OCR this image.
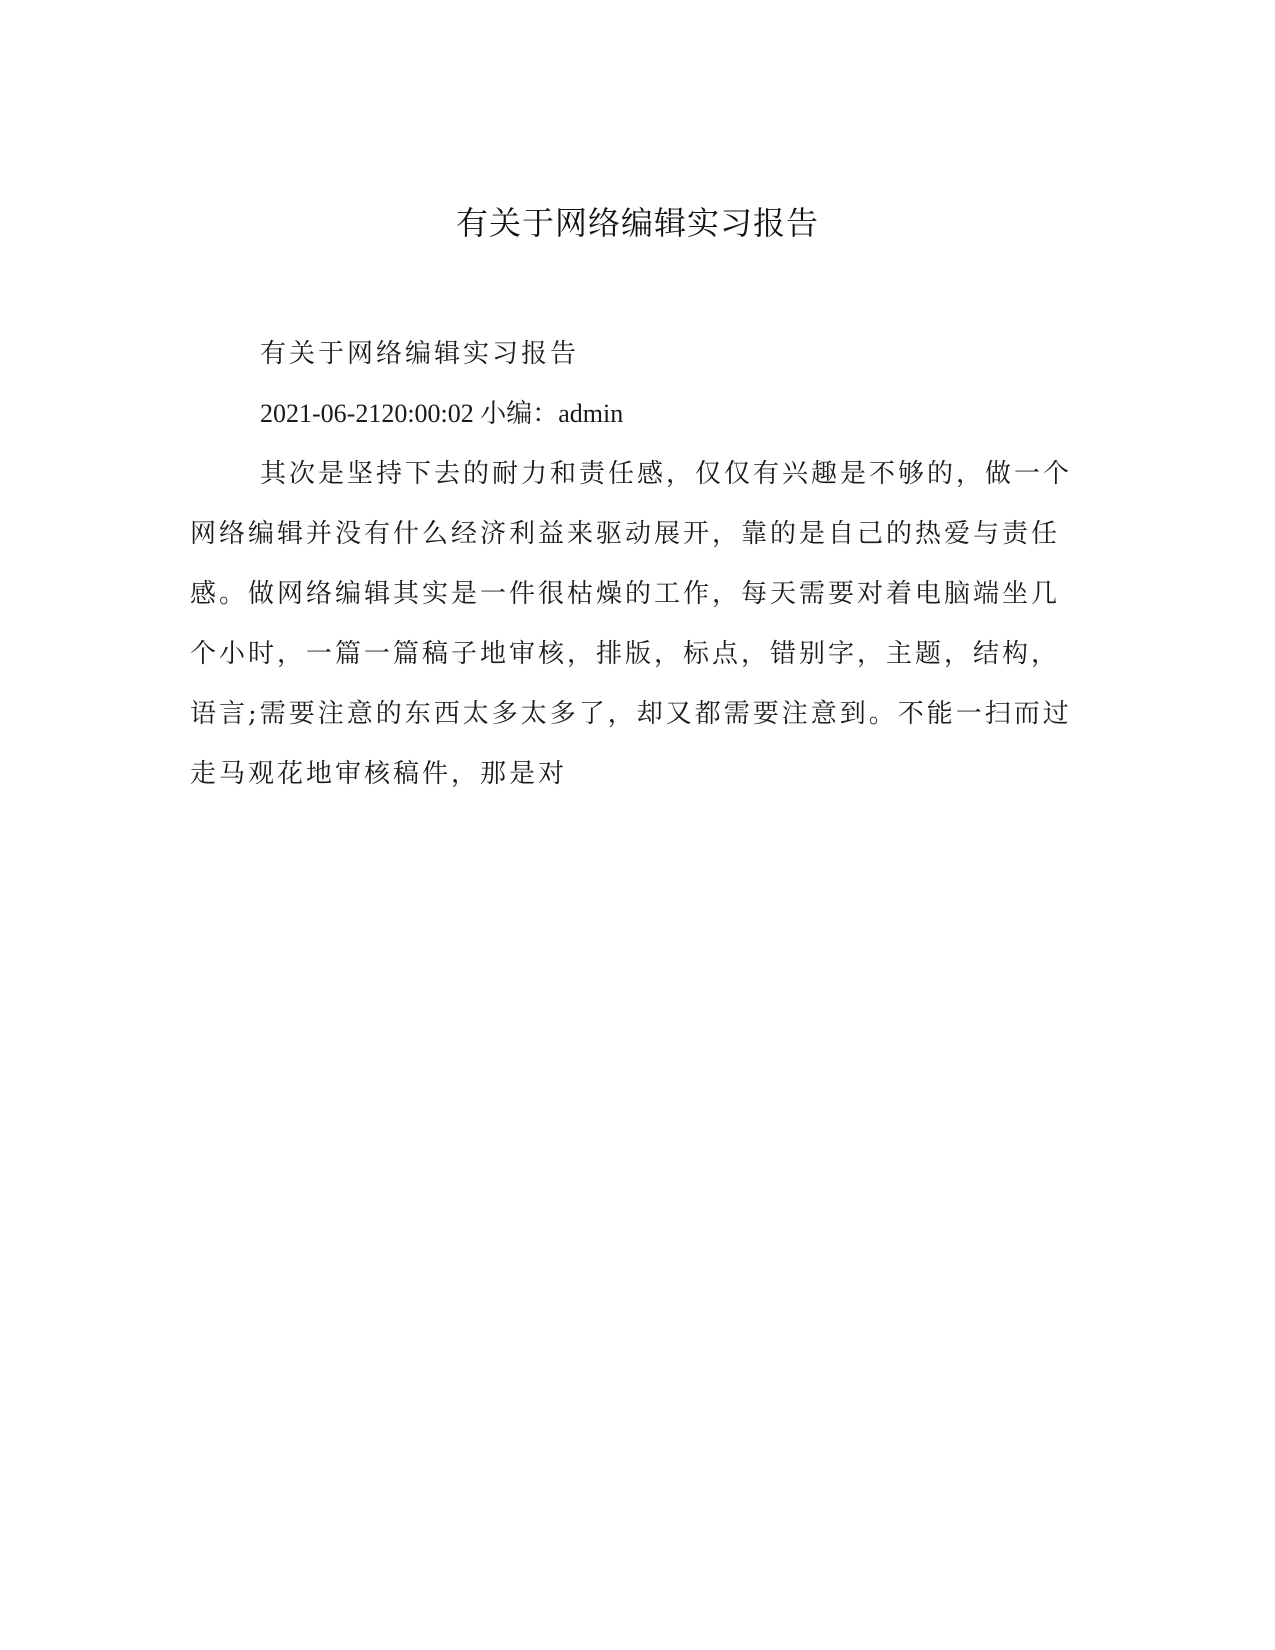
有关于网络编辑实习报告

有关于网络编辑实习报告

2021-06-2120:00:02 小编：admin

其次是坚持下去的耐力和责任感，仅仅有兴趣是不够的，做一个

网络编辑并没有什么经济利益来驱动展开，靠的是自己的热爱与责任

感。做网络编辑其实是一件很枯燥的工作，每天需要对着电脑端坐几

个小时，一篇一篇稿子地审核，排版，标点，错别字，主题，结构，

语言;需要注意的东西太多太多了，却又都需要注意到。不能一扫而过

走马观花地审核稿件，那是对
